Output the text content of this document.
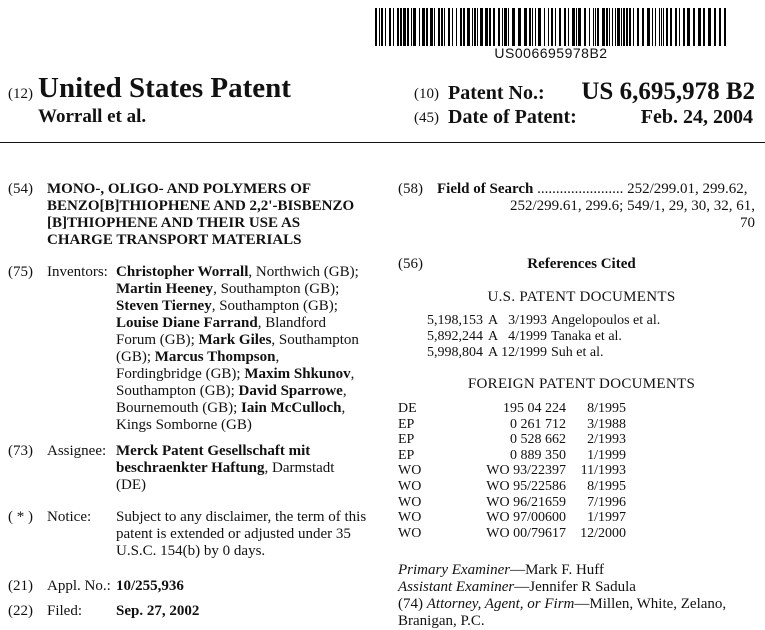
US006695978B2
(12) United States Patent
Worrall et al.
(10) Patent No.: US 6,695,978 B2
(45) Date of Patent:	Feb. 24, 2004
(54) MONO-, OLIGO- AND POLYMERS OF
BENZO[B]THIOPHENE AND 2,2'-BISBENZO
[B]THIOPHENE AND THEIR USE AS
CHARGE TRANSPORT MATERIALS
(75) Inventors: Christopher Worrall, Northwich (GB);
Martin Heeney, Southampton (GB);
Steven Tierney, Southampton (GB);
Louise Diane Farrand, Blandford
Forum (GB); Mark Giles, Southampton
(GB); Marcus Thompson,
Fordingbridge (GB); Maxim Shkunov,
Southampton (GB); David Sparrowe,
Bournemouth (GB); Iain McCulloch,
Kings Somborne (GB)
(73) Assignee: Merck Patent Gesellschaft mit
beschraenkter Haftung, Darmstadt
(DE)
( * ) Notice: Subject to any disclaimer, the term of this
patent is extended or adjusted under 35
U.S.C. 154(b) by 0 days.
(21) Appl. No.: 10/255,936
(22) Filed: Sep. 27, 2002
(58) Field of Search ....................... 252/299.01, 299.62,
252/299.61, 299.6; 549/1, 29, 30, 32, 61,
70
(56)	References Cited
U.S. PATENT DOCUMENTS
5,198,153 A 3/1993 Angelopoulos et al.
5,892,244 A 4/1999 Tanaka et al.
5,998,804 A 12/1999 Suh et al.
FOREIGN PATENT DOCUMENTS
DE	195 04 224	8/1995
EP	0 261 712	3/1988
EP	0 528 662	2/1993
EP	0 889 350	1/1999
WO	WO 93/22397	11/1993
WO	WO 95/22586	8/1995
WO	WO 96/21659	7/1996
WO	WO 97/00600	1/1997
WO	WO 00/79617	12/2000
Primary Examiner—Mark F. Huff
Assistant Examiner—Jennifer R Sadula
(74) Attorney, Agent, or Firm—Millen, White, Zelano,
Branigan, P.C.
